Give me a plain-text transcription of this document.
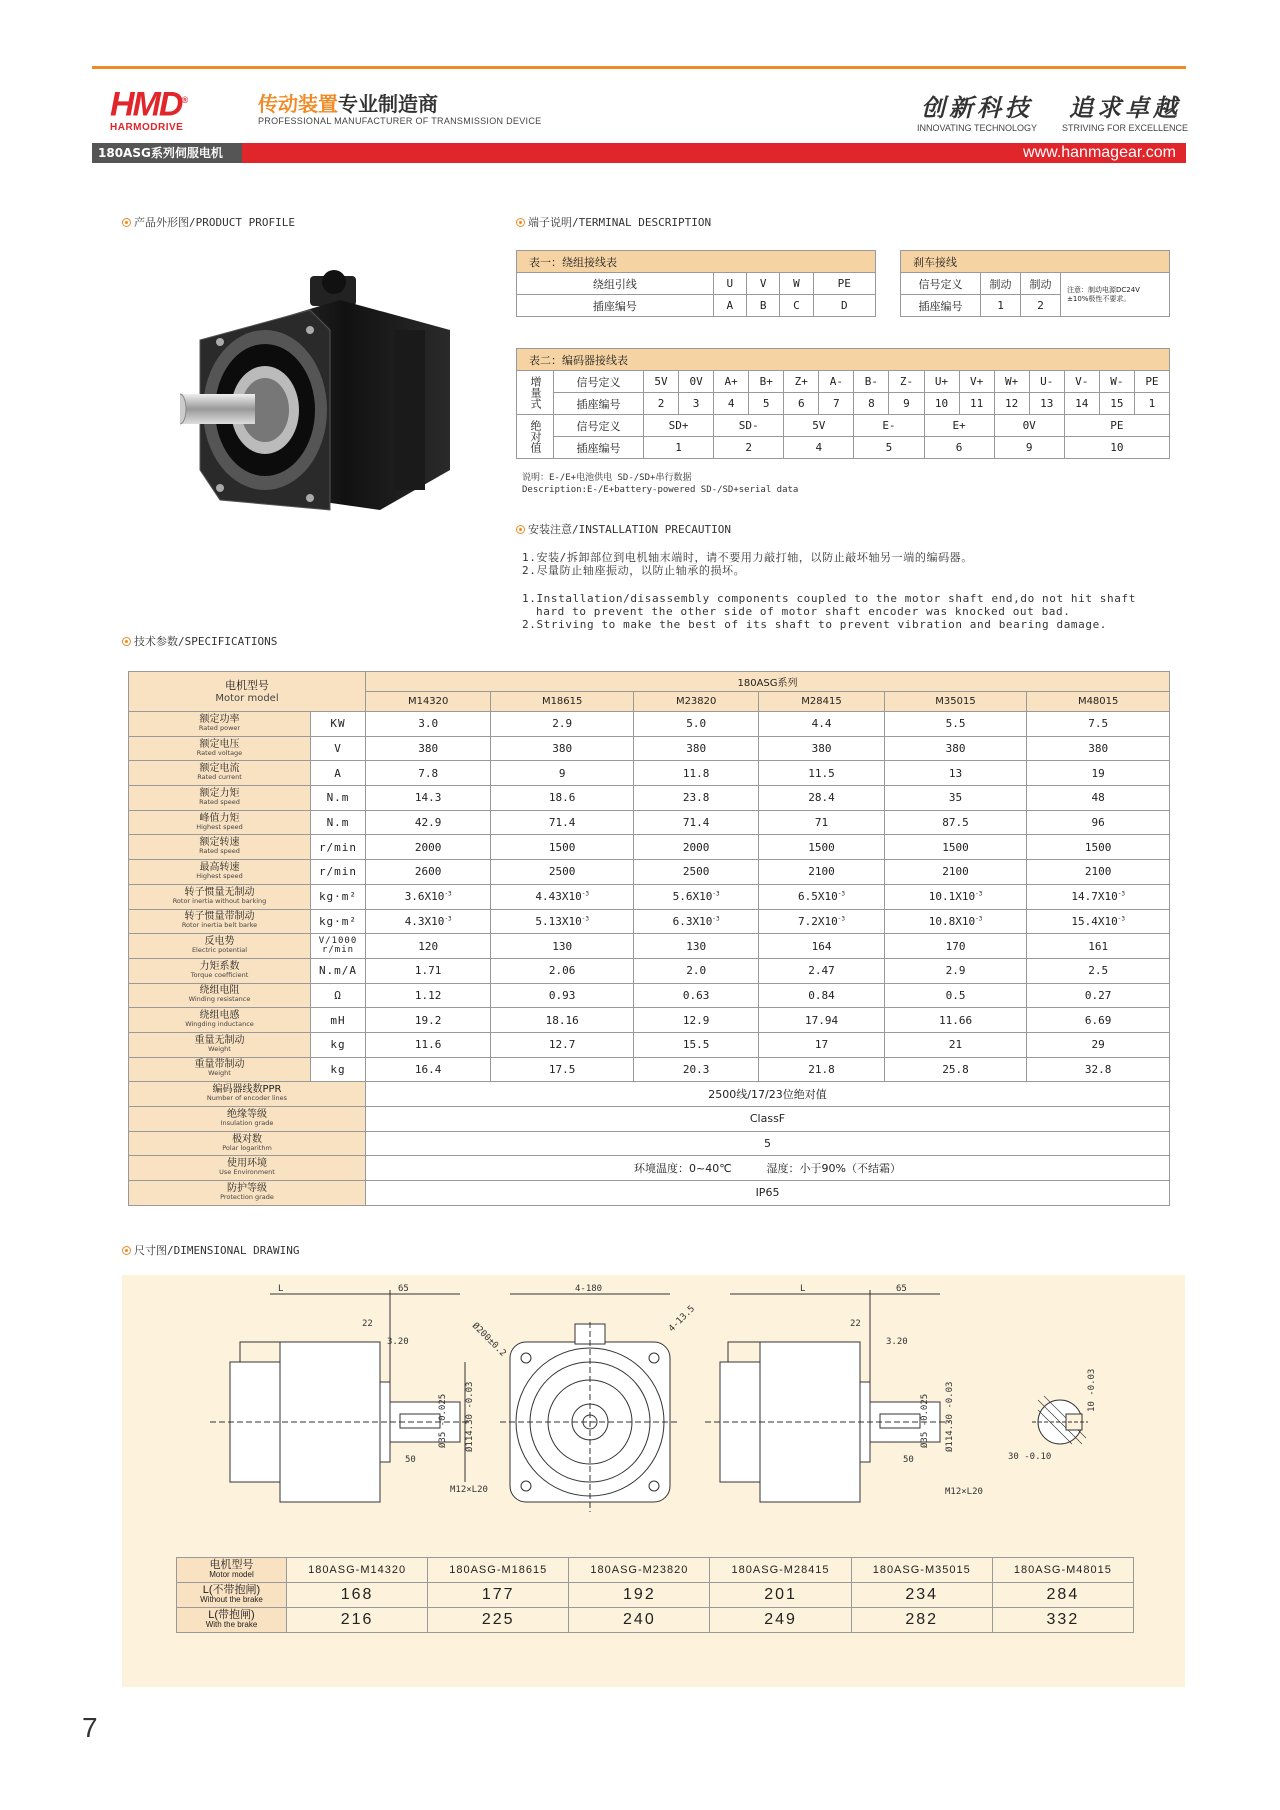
HMD®
HARMODRIVE
传动装置专业制造商
PROFESSIONAL MANUFACTURER OF TRANSMISSION DEVICE	创新科技
INNOVATING TECHNOLOGY
追求卓越
STRIVING FOR EXCELLENCE
180ASG系列伺服电机	www.hanmagear.com
产品外形图/PRODUCT PROFILE	端子说明/TERMINAL DESCRIPTION
表一：绕组接线表				
绕组引线	U	V	W	PE
插座编号	A	B	C	D
刹车接线			
信号定义	制动	制动	注意：制动电源DC24V
±10%极性不要求。
插座编号	1	2	
表二：编码器接线表																
增量式	信号定义	5V	0V	A+	B+	Z+	A-	B-	Z-	U+	V+	W+	U-	V-	W-	PE
	插座编号	2	3	4	5	6	7	8	9	10	11	12	13	14	15	1
绝对值	信号定义	SD+		SD-		5V		E-		E+		0V		PE		
	插座编号	1		2		4		5		6		9		10		
说明：E-/E+电池供电 SD-/SD+串行数据
Description:E-/E+battery-powered SD-/SD+serial data
安装注意/INSTALLATION PRECAUTION
1.安装/拆卸部位到电机轴末端时，请不要用力敲打轴，以防止敲坏轴另一端的编码器。
2.尽量防止轴座振动，以防止轴承的损坏。
1.Installation/disassembly components coupled to the motor shaft end,do not hit shaft
hard to prevent the other side of motor shaft encoder was knocked out bad.
2.Striving to make the best of its shaft to prevent vibration and bearing damage.
技术参数/SPECIFICATIONS
电机型号
Motor model		180ASG系列					
		M14320	M18615	M23820	M28415	M35015	M48015

额定功率
Rated power	KW	3.0	2.9	5.0	4.4	5.5	7.5

额定电压
Rated voltage	V	380	380	380	380	380	380

额定电流
Rated current	A	7.8	9	11.8	11.5	13	19

额定力矩
Rated speed	N.m	14.3	18.6	23.8	28.4	35	48

峰值力矩
Highest speed	N.m	42.9	71.4	71.4	71	87.5	96

额定转速
Rated speed	r/min	2000	1500	2000	1500	1500	1500

最高转速
Highest speed	r/min	2600	2500	2500	2100	2100	2100

转子惯量无制动
Rotor inertia without barking	kg·m²	$3.6X10^{-3}$	$4.43X10^{-3}$	$5.6X10^{-3}$	$6.5X10^{-3}$	$10.1X10^{-3}$	$14.7X10^{-3}$

转子惯量带制动
Rotor inertia belt barke	kg·m²	$4.3X10^{-3}$	$5.13X10^{-3}$	$6.3X10^{-3}$	$7.2X10^{-3}$	$10.8X10^{-3}$	$15.4X10^{-3}$

反电势
Electric potential	V/1000 r/min	120	130	130	164	170	161

力矩系数
Torque coefficient	N.m/A	1.71	2.06	2.0	2.47	2.9	2.5

绕组电阻
Winding resistance	Ω	1.12	0.93	0.63	0.84	0.5	0.27

绕组电感
Wingding inductance	mH	19.2	18.16	12.9	17.94	11.66	6.69

重量无制动
Weight	kg	11.6	12.7	15.5	17	21	29

重量带制动
Weight	kg	16.4	17.5	20.3	21.8	25.8	32.8

编码器线数PPR
Number of encoder lines		2500线/17/23位绝对值					

绝缘等级
Insulation grade		ClassF					

极对数
Polar logarithm		5					

使用环境
Use Environment		环境温度：0~40℃          湿度：小于90%（不结霜）					

防护等级
Protection grade		IP65					
尺寸图/DIMENSIONAL DRAWING
L	65
22
3.20
50
M12×L20
Ø114.30 -0.03
Ø35 -0.025
4-180
Ø200±0.2
4-13.5
L	65
22
3.20
50
M12×L20
Ø114.30 -0.03
Ø35 -0.025
30 -0.10
10 -0.03
电机型号
Motor model	180ASG-M14320	180ASG-M18615	180ASG-M23820	180ASG-M28415	180ASG-M35015	180ASG-M48015

L(不带抱闸)
Without the brake	168	177	192	201	234	284

L(带抱闸)
With the brake	216	225	240	249	282	332
7
